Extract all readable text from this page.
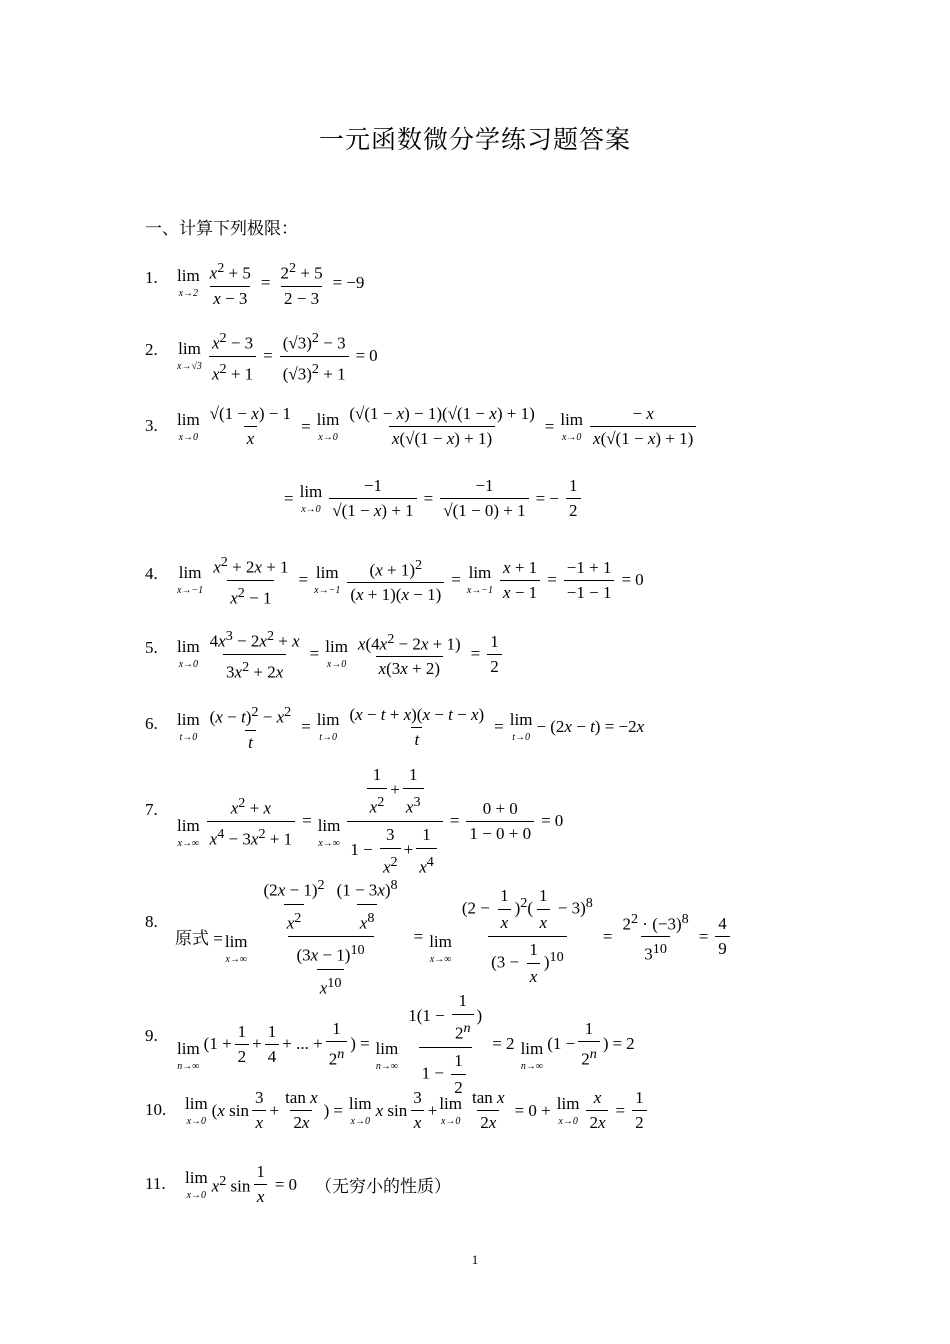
一元函数微分学练习题答案
一、计算下列极限：
1. lim
$x\to 2 \frac{x^2 + 5}{x - 3} = \frac{2^2 + 5}{2 - 3} = -9$
2. lim
$x\to√3 \frac{x^2 - 3}{x^2 + 1} = \frac{(√3)^2 - 3}{(√3)^2 + 1} = 0$
3. lim
$x\to 0 \frac{√(1 - x) - 1}{x} = \lim$
$x\to 0 \frac{(√(1 - x) - 1)(√(1 - x) + 1)}{x(√(1 - x) + 1)} = \lim$
$x\to 0 \frac{- x}{x(√(1 - x) + 1)}$
= lim
$x\to 0 \frac{-1}{√(1 - x) + 1} = \frac{-1}{√(1 - 0) + 1}$ = − $\frac{1}{2}$
4. lim
$x\to-1 \frac{x^2 + 2x + 1}{x^2 - 1} = \lim$
$x\to-1 \frac{(x + 1)^2}{(x + 1)(x - 1)} = \lim$
$x\to-1 \frac{x + 1}{x - 1} = \frac{-1 + 1}{-1 - 1} = 0$
5. lim
$x\to 0 \frac{4x^3 - 2x^2 + x}{3x^2 + 2x} = \lim$
$x\to 0 \frac{x(4x^2 - 2x + 1)}{x(3x + 2)} = \frac{1}{2}$
6. lim
$t\to 0 \frac{(x - t)^2 - x^2}{t} = \lim$
$t\to 0 \frac{(x - t + x)(x - t - x)}{t} = \lim$
t→0
− (2x − t) = −2x
7.
lim
$x\to\infty \frac{x^2 + x}{x^4 - 3x^2 + 1} = \lim$
$x\to\infty \frac{\frac{1}{x^2} + \frac{1}{x^3}}{1 - \frac{3}{x^2} + \frac{1}{x^4}} = \frac{0 + 0}{1 - 0 + 0} = 0$
8.
原式 = lim
$x\to\infty \frac{\frac{(2x - 1)^2}{x^2} \frac{(1 - 3x)^8}{x^8}}{\frac{(3x - 1)^{10}}{x^{10}}} = \lim$
$x\to\infty \frac{(2 - \frac{1}{x} )^2( \frac{1}{x} - 3)^8}{(3 - \frac{1}{x} )^{10}} = \frac{2^2 \cdot (-3)^8}{3^{10}} = \frac{4}{9}$
9.
lim
n→∞
($1 + \frac{1}{2} + \frac{1}{4}$ + ... + $\frac{1}{2^n}$ ) = lim
$n\to\infty \frac{1(1 - \frac{1}{2^n} )}{1 - \frac{1}{2}} = 2$ lim
n→∞
($1 - \frac{1}{2^n}$ ) = 2
10. lim
x→0
(x $\sin \frac{3}{x} + \frac{\text{tan x}}{2x}$ ) = lim
x→0
x $\sin \frac{3}{x} + \lim$
$x\to 0 \frac{\text{tan x}}{2x} = 0 + \lim$
$x\to 0 \frac{x}{2x} = \frac{1}{2}$
11. lim
x→0 $x^2$ $\sin \frac{1}{x} = 0$ （无穷小的性质）
1
